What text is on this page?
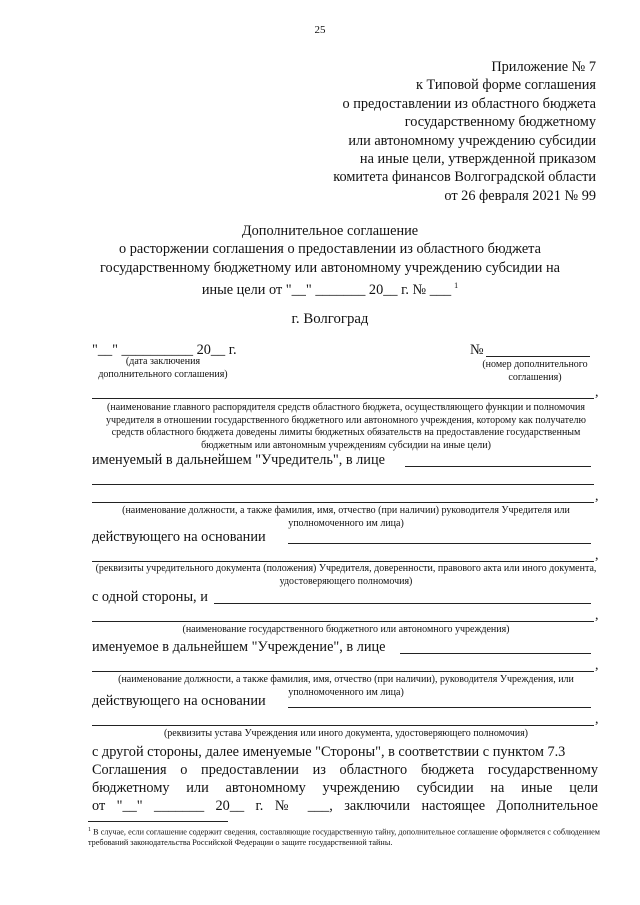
25
Приложение № 7
к Типовой форме соглашения
о предоставлении из областного бюджета
государственному бюджетному
или автономному учреждению субсидии
на иные цели, утвержденной приказом
комитета финансов Волгоградской области
от 26 февраля 2021 № 99
Дополнительное соглашение
о расторжении соглашения о предоставлении из областного бюджета
государственному бюджетному или автономному учреждению субсидии на
иные цели от "__" _______ 20__ г. № ___ $^1$
г. Волгоград
"__" __________ 20__ г.
(дата заключения дополнительного соглашения)
№
(номер дополнительного соглашения)
,
(наименование главного распорядителя средств областного бюджета, осуществляющего функции и полномочия учредителя в отношении государственного бюджетного или автономного учреждения, которому как получателю средств областного бюджета доведены лимиты бюджетных обязательств на предоставление государственным бюджетным или автономным учреждениям субсидии на иные цели)
именуемый в дальнейшем "Учредитель", в лице
,
(наименование должности, а также фамилия, имя, отчество (при наличии) руководителя Учредителя или уполномоченного им лица)
действующего на основании
,
(реквизиты учредительного документа (положения) Учредителя, доверенности, правового акта или иного документа, удостоверяющего полномочия)
с одной стороны, и
,
(наименование государственного бюджетного или автономного учреждения)
именуемое в дальнейшем "Учреждение", в лице
,
(наименование должности, а также фамилия, имя, отчество (при наличии), руководителя Учреждения, или уполномоченного им лица)
действующего на основании
,
(реквизиты устава Учреждения или иного документа, удостоверяющего полномочия)
с другой стороны, далее именуемые "Стороны", в соответствии с пунктом 7.3
Соглашения о предоставлении из областного бюджета государственному
бюджетному или автономному учреждению субсидии на иные цели
от "__" _______ 20__ г. № ___, заключили настоящее Дополнительное
$^1$ В случае, если соглашение содержит сведения, составляющие государственную тайну, дополнительное соглашение оформляется с соблюдением требований законодательства Российской Федерации о защите государственной тайны.
